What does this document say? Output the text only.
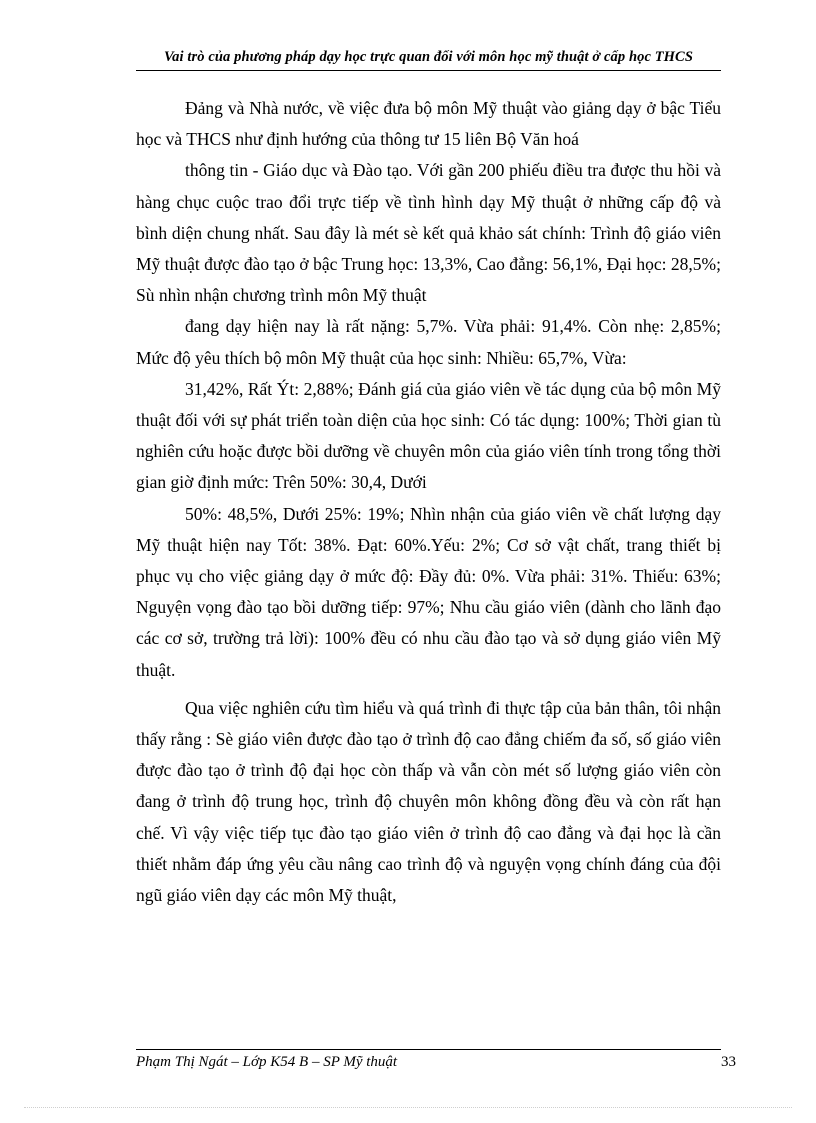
Vai trò của phương pháp dạy học trực quan đối với môn học mỹ thuật ở cấp học THCS

Đảng và Nhà nước, về việc đưa bộ môn Mỹ thuật vào giảng dạy ở bậc Tiểu học và THCS như định hướng của thông tư 15 liên Bộ Văn hoá

thông tin - Giáo dục và Đào tạo. Với gần 200 phiếu điều tra được thu hồi và hàng chục cuộc trao đổi trực tiếp về tình hình dạy Mỹ thuật ở những cấp độ và bình diện chung nhất. Sau đây là mét sè kết quả khảo sát chính: Trình độ giáo viên Mỹ thuật được đào tạo ở bậc Trung học: 13,3%, Cao đẳng: 56,1%, Đại học: 28,5%; Sù nhìn nhận chương trình môn Mỹ thuật

đang dạy hiện nay là rất nặng: 5,7%. Vừa phải: 91,4%. Còn nhẹ: 2,85%; Mức độ yêu thích bộ môn Mỹ thuật của học sinh: Nhiều: 65,7%, Vừa:

31,42%, Rất Ýt: 2,88%; Đánh giá của giáo viên về tác dụng của bộ môn Mỹ thuật đối với sự phát triển toàn diện của học sinh: Có tác dụng: 100%; Thời gian tù nghiên cứu hoặc được bồi dưỡng về chuyên môn của giáo viên tính trong tổng thời gian giờ định mức: Trên 50%: 30,4, Dưới

50%: 48,5%, Dưới 25%: 19%; Nhìn nhận của giáo viên về chất lượng dạy Mỹ thuật hiện nay Tốt: 38%. Đạt: 60%.Yếu: 2%; Cơ sở vật chất, trang thiết bị phục vụ cho việc giảng dạy ở mức độ: Đầy đủ: 0%. Vừa phải: 31%. Thiếu: 63%; Nguyện vọng đào tạo bồi dưỡng tiếp: 97%; Nhu cầu giáo viên (dành cho lãnh đạo các cơ sở, trường trả lời): 100% đều có nhu cầu đào tạo và sở dụng giáo viên Mỹ thuật.

Qua việc nghiên cứu tìm hiểu và quá trình đi thực tập của bản thân, tôi nhận thấy rằng : Sè giáo viên được đào tạo ở trình độ cao đẳng chiếm đa số, số giáo viên được đào tạo ở trình độ đại học còn thấp và vẫn còn mét số lượng giáo viên còn đang ở trình độ trung học, trình độ chuyên môn không đồng đều và còn rất hạn chế. Vì vậy việc tiếp tục đào tạo giáo viên ở trình độ cao đẳng và đại học là cần thiết nhằm đáp ứng yêu cầu nâng cao trình độ và nguyện vọng chính đáng của đội ngũ giáo viên dạy các môn Mỹ thuật,

Phạm Thị Ngát – Lớp K54 B – SP Mỹ thuật	33
